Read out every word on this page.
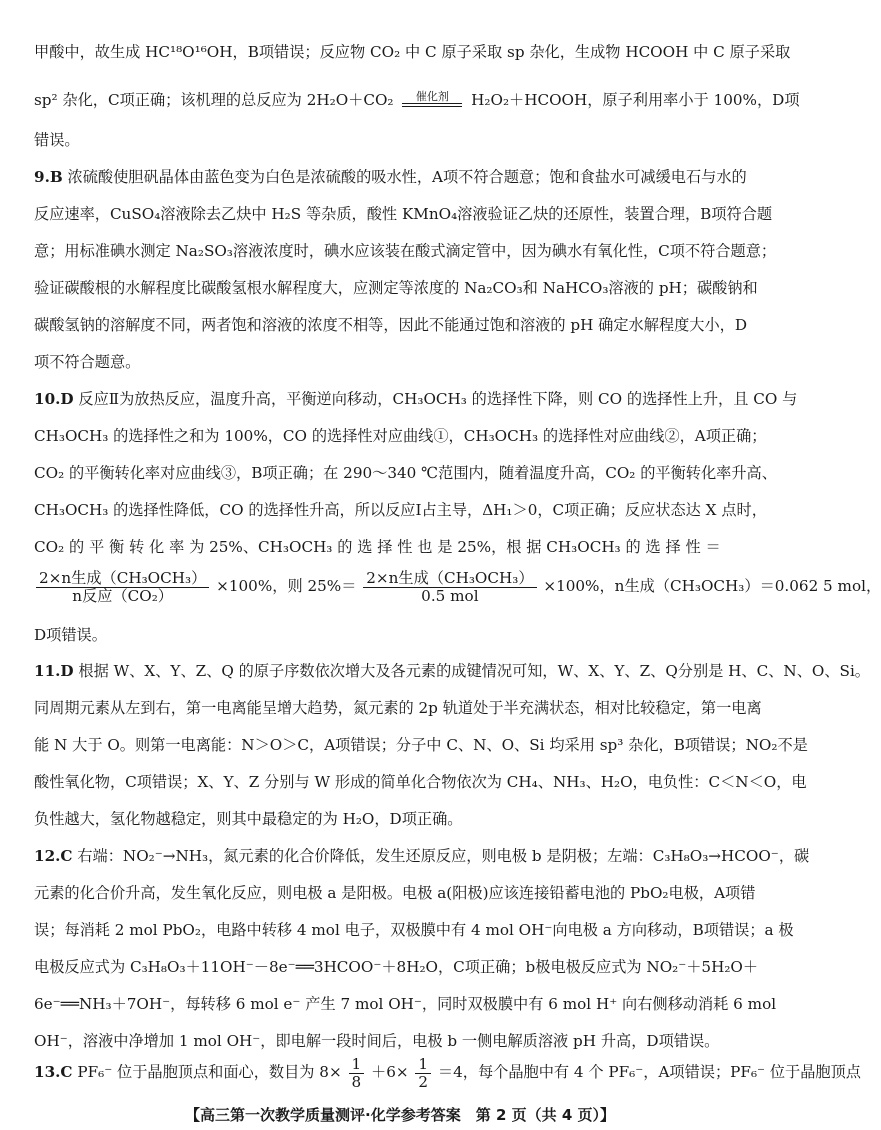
甲酸中，故生成 HC¹⁸O¹⁶OH，B项错误；反应物 CO₂ 中 C 原子采取 sp 杂化，生成物 HCOOH 中 C 原子采取
sp² 杂化，C项正确；该机理的总反应为 2H₂O＋CO₂	催化剂	H₂O₂＋HCOOH，原子利用率小于 100%，D项
错误。
9.B 浓硫酸使胆矾晶体由蓝色变为白色是浓硫酸的吸水性，A项不符合题意；饱和食盐水可减缓电石与水的
反应速率，CuSO₄溶液除去乙炔中 H₂S 等杂质，酸性 KMnO₄溶液验证乙炔的还原性，装置合理，B项符合题
意；用标准碘水测定 Na₂SO₃溶液浓度时，碘水应该装在酸式滴定管中，因为碘水有氧化性，C项不符合题意；
验证碳酸根的水解程度比碳酸氢根水解程度大，应测定等浓度的 Na₂CO₃和 NaHCO₃溶液的 pH；碳酸钠和
碳酸氢钠的溶解度不同，两者饱和溶液的浓度不相等，因此不能通过饱和溶液的 pH 确定水解程度大小，D
项不符合题意。
10.D 反应Ⅱ为放热反应，温度升高，平衡逆向移动，CH₃OCH₃ 的选择性下降，则 CO 的选择性上升，且 CO 与
CH₃OCH₃ 的选择性之和为 100%，CO 的选择性对应曲线①，CH₃OCH₃ 的选择性对应曲线②，A项正确；
CO₂ 的平衡转化率对应曲线③，B项正确；在 290～340 ℃范围内，随着温度升高，CO₂ 的平衡转化率升高、
CH₃OCH₃ 的选择性降低，CO 的选择性升高，所以反应Ⅰ占主导，ΔH₁＞0，C项正确；反应状态达 X 点时，
CO₂ 的 平 衡 转 化 率 为 25%、CH₃OCH₃ 的 选 择 性 也 是 25%，根 据 CH₃OCH₃ 的 选 择 性 ＝
$\frac{\text{2×n生成（CH₃OCH₃）}}{\text{n反应（CO₂）}} \times 100\%$，则 $25\%= \frac{\text{2×n生成（CH₃OCH₃）}}{\text{0.5 mol}} \times 100\%$，n生成（CH₃OCH₃）＝0.062 5 mol，
D项错误。
11.D 根据 W、X、Y、Z、Q 的原子序数依次增大及各元素的成键情况可知，W、X、Y、Z、Q分别是 H、C、N、O、Si。
同周期元素从左到右，第一电离能呈增大趋势，氮元素的 2p 轨道处于半充满状态，相对比较稳定，第一电离
能 N 大于 O。则第一电离能：N＞O＞C，A项错误；分子中 C、N、O、Si 均采用 sp³ 杂化，B项错误；NO₂不是
酸性氧化物，C项错误；X、Y、Z 分别与 W 形成的简单化合物依次为 CH₄、NH₃、H₂O，电负性：C＜N＜O，电
负性越大，氢化物越稳定，则其中最稳定的为 H₂O，D项正确。
12.C 右端：NO₂⁻→NH₃，氮元素的化合价降低，发生还原反应，则电极 b 是阴极；左端：C₃H₈O₃→HCOO⁻，碳
元素的化合价升高，发生氧化反应，则电极 a 是阳极。电极 a(阳极)应该连接铅蓄电池的 PbO₂电极，A项错
误；每消耗 2 mol PbO₂，电路中转移 4 mol 电子，双极膜中有 4 mol OH⁻向电极 a 方向移动，B项错误；a 极
电极反应式为 C₃H₈O₃＋11OH⁻－8e⁻══3HCOO⁻＋8H₂O，C项正确；b极电极反应式为 NO₂⁻＋5H₂O＋
6e⁻══NH₃＋7OH⁻，每转移 6 mol e⁻ 产生 7 mol OH⁻，同时双极膜中有 6 mol H⁺ 向右侧移动消耗 6 mol
OH⁻，溶液中净增加 1 mol OH⁻，即电解一段时间后，电极 b 一侧电解质溶液 pH 升高，D项错误。
13.C PF₆⁻ 位于晶胞顶点和面心，数目为 $8\times \frac{1}{8} +6\times \frac{1}{2} =4$，每个晶胞中有 4 个 PF₆⁻，A项错误；PF₆⁻ 位于晶胞顶点
【高三第一次教学质量测评·化学参考答案　第 2 页（共 4 页）】
